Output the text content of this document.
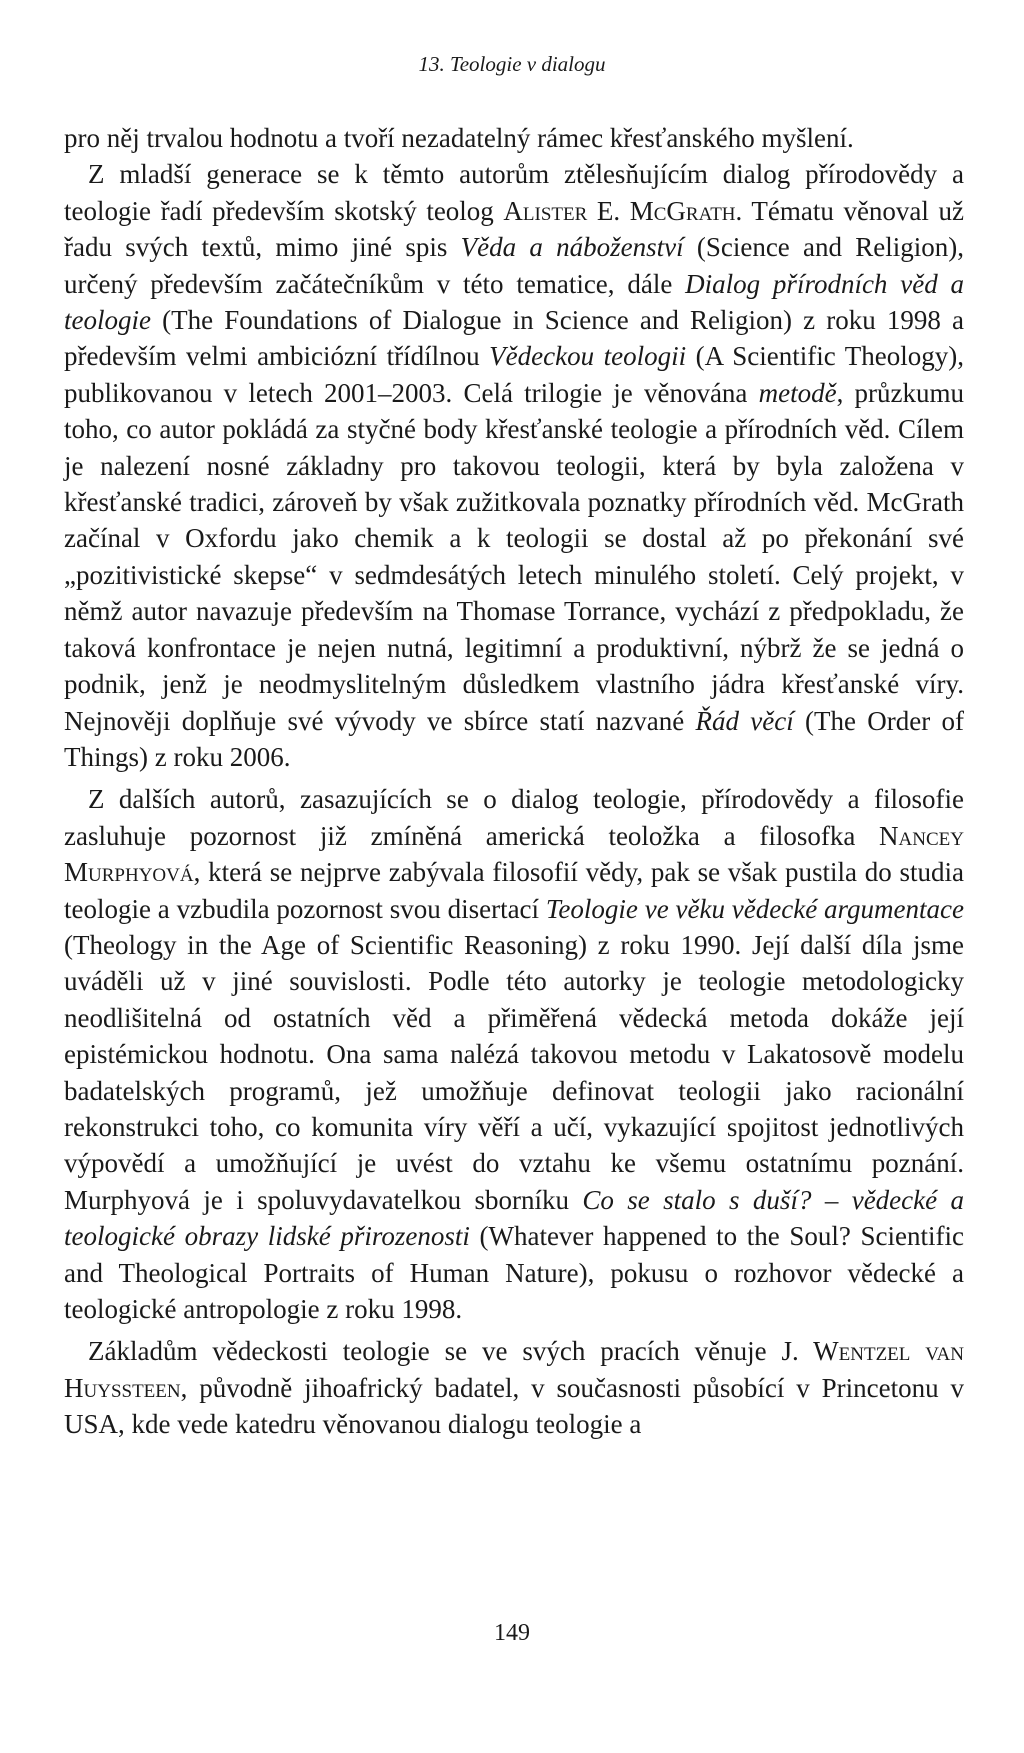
13. Teologie v dialogu

pro něj trvalou hodnotu a tvoří nezadatelný rámec křesťanského myšlení.

Z mladší generace se k těmto autorům ztělesňujícím dialog přírodovědy a teologie řadí především skotský teolog Alister E. McGrath. Tématu věnoval už řadu svých textů, mimo jiné spis Věda a náboženství (Science and Religion), určený především začátečníkům v této tematice, dále Dialog přírodních věd a teologie (The Foundations of Dialogue in Science and Religion) z roku 1998 a především velmi ambiciózní třídílnou Vědeckou teologii (A Scientific Theology), publikovanou v letech 2001–2003. Celá trilogie je věnována metodě, průzkumu toho, co autor pokládá za styčné body křesťanské teologie a přírodních věd. Cílem je nalezení nosné základny pro takovou teologii, která by byla založena v křesťanské tradici, zároveň by však zužitkovala poznatky přírodních věd. McGrath začínal v Oxfordu jako chemik a k teologii se dostal až po překonání své „pozitivistické skepse“ v sedmdesátých letech minulého století. Celý projekt, v němž autor navazuje především na Thomase Torrance, vychází z předpokladu, že taková konfrontace je nejen nutná, legitimní a produktivní, nýbrž že se jedná o podnik, jenž je neodmyslitelným důsledkem vlastního jádra křesťanské víry. Nejnověji doplňuje své vývody ve sbírce statí nazvané Řád věcí (The Order of Things) z roku 2006.

Z dalších autorů, zasazujících se o dialog teologie, přírodovědy a filosofie zasluhuje pozornost již zmíněná americká teoložka a filosofka Nancey Murphyová, která se nejprve zabývala filosofií vědy, pak se však pustila do studia teologie a vzbudila pozornost svou disertací Teologie ve věku vědecké argumentace (Theology in the Age of Scientific Reasoning) z roku 1990. Její další díla jsme uváděli už v jiné souvislosti. Podle této autorky je teologie metodologicky neodlišitelná od ostatních věd a přiměřená vědecká metoda dokáže její epistémickou hodnotu. Ona sama nalézá takovou metodu v Lakatosově modelu badatelských programů, jež umožňuje definovat teologii jako racionální rekonstrukci toho, co komunita víry věří a učí, vykazující spojitost jednotlivých výpovědí a umožňující je uvést do vztahu ke všemu ostatnímu poznání. Murphyová je i spoluvydavatelkou sborníku Co se stalo s duší? – vědecké a teologické obrazy lidské přirozenosti (Whatever happened to the Soul? Scientific and Theological Portraits of Human Nature), pokusu o rozhovor vědecké a teologické antropologie z roku 1998.

Základům vědeckosti teologie se ve svých pracích věnuje J. Wentzel van Huyssteen, původně jihoafrický badatel, v současnosti působící v Princetonu v USA, kde vede katedru věnovanou dialogu teologie a

149
